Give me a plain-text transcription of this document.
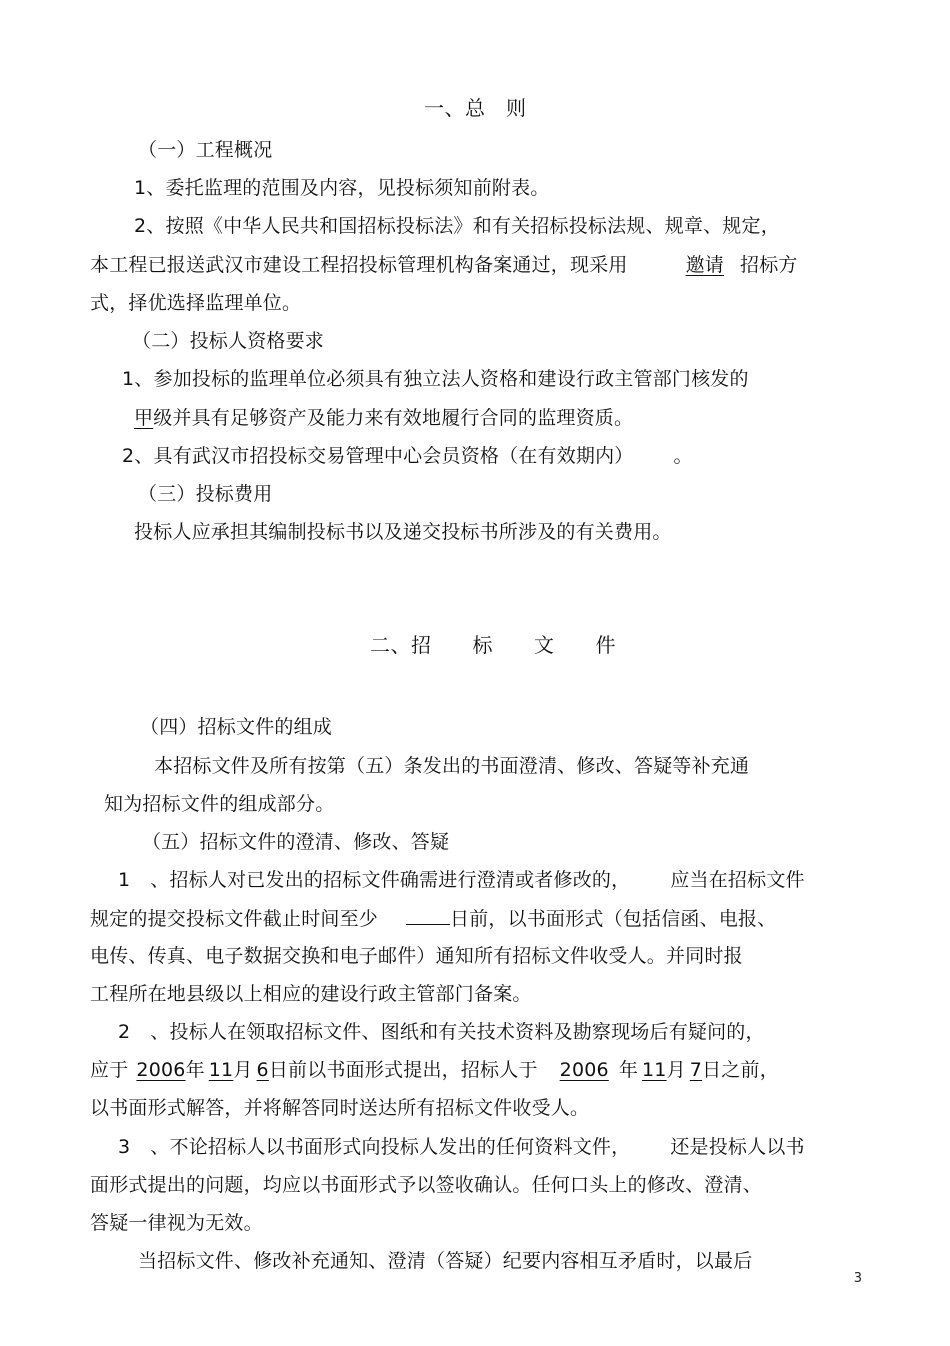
一、总　则
（一）工程概况
1、委托监理的范围及内容，见投标须知前附表。
2、按照《中华人民共和国招标投标法》和有关招标投标法规、规章、规定，
本工程已报送武汉市建设工程招投标管理机构备案通过，现采用	邀请 招标方
式，择优选择监理单位。
（二）投标人资格要求
1、参加投标的监理单位必须具有独立法人资格和建设行政主管部门核发的
甲级并具有足够资产及能力来有效地履行合同的监理资质。
2、具有武汉市招投标交易管理中心会员资格（在有效期内） 。
（三）投标费用
投标人应承担其编制投标书以及递交投标书所涉及的有关费用。
二、招　　标　　文　　件
（四）招标文件的组成
本招标文件及所有按第（五）条发出的书面澄清、修改、答疑等补充通
知为招标文件的组成部分。
（五）招标文件的澄清、修改、答疑
1 、招标人对已发出的招标文件确需进行澄清或者修改的， 应当在招标文件
规定的提交投标文件截止时间至少	日前，以书面形式（包括信函、电报、
电传、传真、电子数据交换和电子邮件）通知所有招标文件收受人。并同时报
工程所在地县级以上相应的建设行政主管部门备案。
2 、投标人在领取招标文件、图纸和有关技术资料及勘察现场后有疑问的，
应于 2006年 11月 6日前以书面形式提出，招标人于 2006 年 11月 7日之前，
以书面形式解答，并将解答同时送达所有招标文件收受人。
3 、不论招标人以书面形式向投标人发出的任何资料文件， 还是投标人以书
面形式提出的问题，均应以书面形式予以签收确认。任何口头上的修改、澄清、
答疑一律视为无效。
当招标文件、修改补充通知、澄清（答疑）纪要内容相互矛盾时，以最后
3
